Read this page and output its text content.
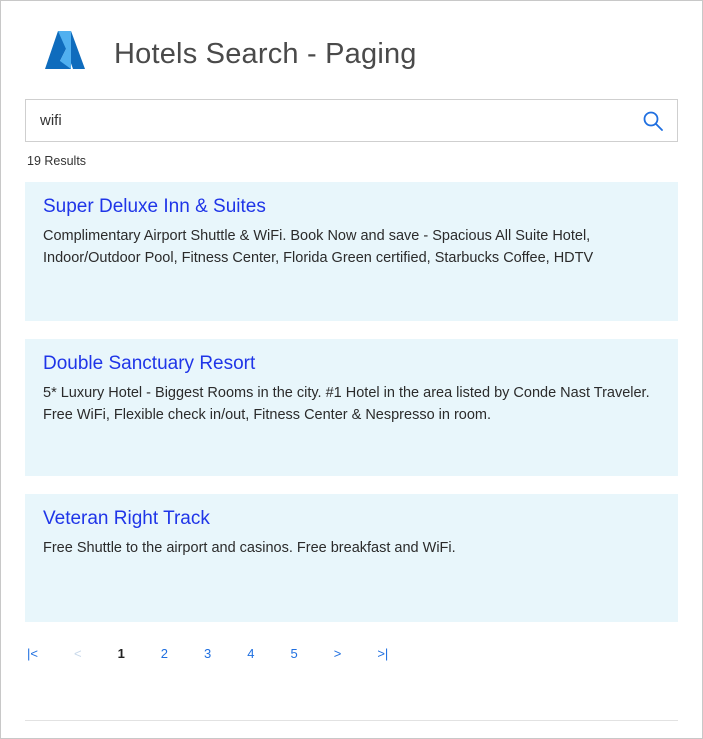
Hotels Search - Paging
wifi
19 Results
Super Deluxe Inn & Suites
Complimentary Airport Shuttle & WiFi. Book Now and save - Spacious All Suite Hotel, Indoor/Outdoor Pool, Fitness Center, Florida Green certified, Starbucks Coffee, HDTV
Double Sanctuary Resort
5* Luxury Hotel - Biggest Rooms in the city. #1 Hotel in the area listed by Conde Nast Traveler. Free WiFi, Flexible check in/out, Fitness Center & Nespresso in room.
Veteran Right Track
Free Shuttle to the airport and casinos. Free breakfast and WiFi.
|<	<	1	2	3	4	5	>	>|
